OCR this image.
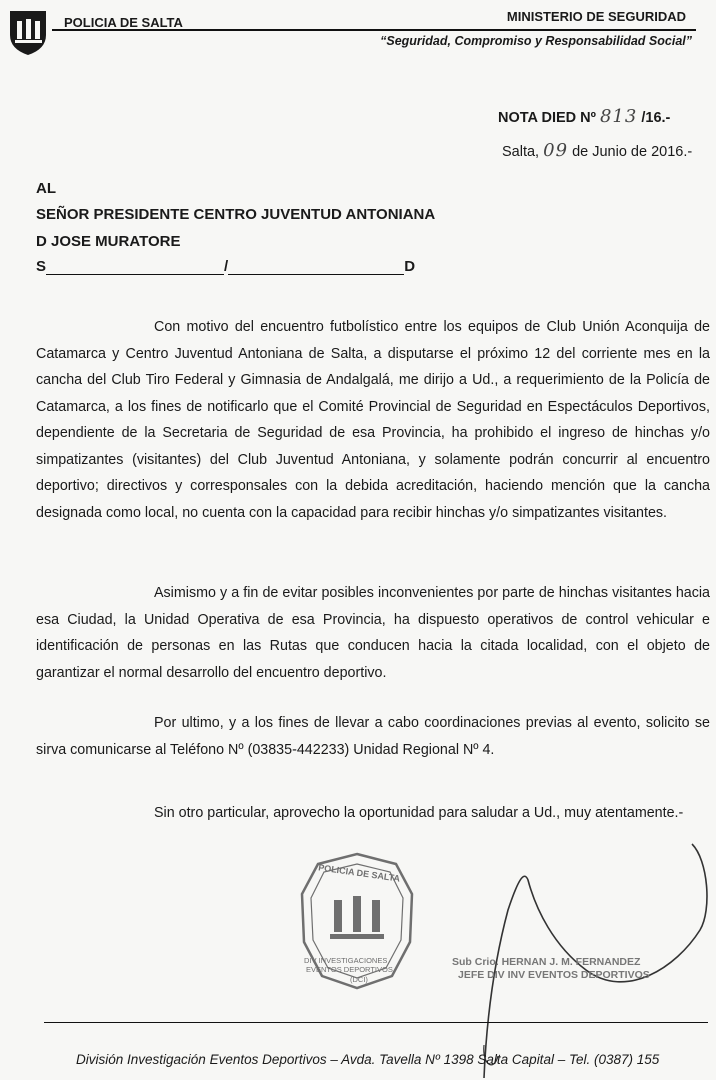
POLICIA DE SALTA	MINISTERIO DE SEGURIDAD
“Seguridad, Compromiso y Responsabilidad Social”
NOTA DIED Nº 813 /16.-
Salta, 09 de Junio de 2016.-
AL
SEÑOR PRESIDENTE CENTRO JUVENTUD ANTONIANA
D JOSE MURATORE
S	/	D

Con motivo del encuentro futbolístico entre los equipos de Club Unión Aconquija de Catamarca y Centro Juventud Antoniana de Salta, a disputarse el próximo 12 del corriente mes en la cancha del Club Tiro Federal y Gimnasia de Andalgalá, me dirijo a Ud., a requerimiento de la Policía de Catamarca, a los fines de notificarlo que el Comité Provincial de Seguridad en Espectáculos Deportivos, dependiente de la Secretaria de Seguridad de esa Provincia, ha prohibido el ingreso de hinchas y/o simpatizantes (visitantes) del Club Juventud Antoniana, y solamente podrán concurrir al encuentro deportivo; directivos y corresponsales con la debida acreditación, haciendo mención que la cancha designada como local, no cuenta con la capacidad para recibir hinchas y/o simpatizantes visitantes.

Asimismo y a fin de evitar posibles inconvenientes por parte de hinchas visitantes hacia esa Ciudad, la Unidad Operativa de esa Provincia, ha dispuesto operativos de control vehicular e identificación de personas en las Rutas que conducen hacia la citada localidad, con el objeto de garantizar el normal desarrollo del encuentro deportivo.

Por ultimo, y a los fines de llevar a cabo coordinaciones previas al evento, solicito se sirva comunicarse al Teléfono Nº (03835-442233) Unidad Regional Nº 4.

Sin otro particular, aprovecho la oportunidad para saludar a Ud., muy atentamente.-

POLICIA DE SALTA
DIV INVESTIGACIONES
EVENTOS DEPORTIVOS
(DCI)
Sub Crio. HERNAN J. M. FERNANDEZ
JEFE DIV INV EVENTOS DEPORTIVOS
División Investigación Eventos Deportivos – Avda. Tavella Nº 1398 Salta Capital – Tel. (0387) 155
